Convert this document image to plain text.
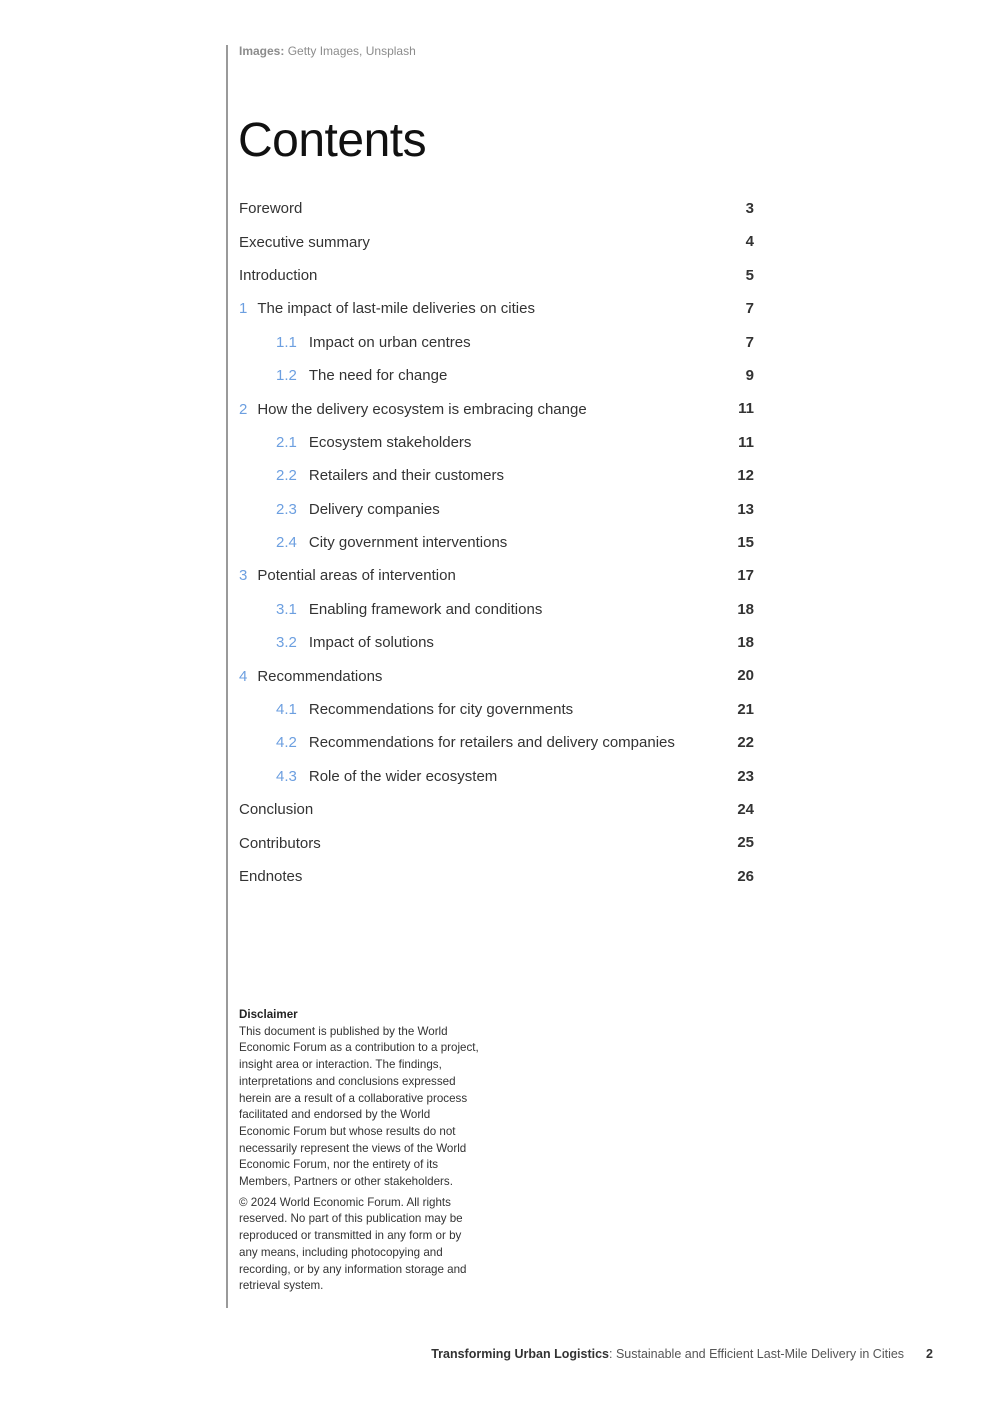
Images: Getty Images, Unsplash
Contents
Foreword	3
Executive summary	4
Introduction	5
1 The impact of last-mile deliveries on cities	7
1.1 Impact on urban centres	7
1.2 The need for change	9
2 How the delivery ecosystem is embracing change	11
2.1 Ecosystem stakeholders	11
2.2 Retailers and their customers	12
2.3 Delivery companies	13
2.4 City government interventions	15
3 Potential areas of intervention	17
3.1 Enabling framework and conditions	18
3.2 Impact of solutions	18
4 Recommendations	20
4.1 Recommendations for city governments	21
4.2 Recommendations for retailers and delivery companies	22
4.3 Role of the wider ecosystem	23
Conclusion	24
Contributors	25
Endnotes	26

Disclaimer

This document is published by the World Economic Forum as a contribution to a project, insight area or interaction. The findings, interpretations and conclusions expressed herein are a result of a collaborative process facilitated and endorsed by the World Economic Forum but whose results do not necessarily represent the views of the World Economic Forum, nor the entirety of its Members, Partners or other stakeholders.

© 2024 World Economic Forum. All rights reserved. No part of this publication may be reproduced or transmitted in any form or by any means, including photocopying and recording, or by any information storage and retrieval system.

Transforming Urban Logistics: Sustainable and Efficient Last-Mile Delivery in Cities 2
